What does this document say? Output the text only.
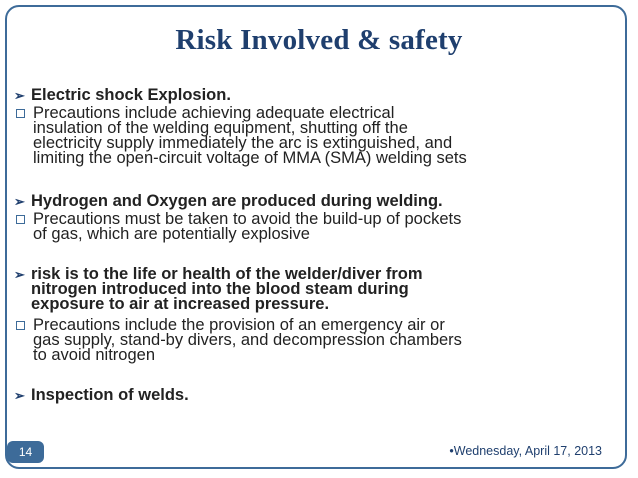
Risk Involved & safety
➢ Electric shock Explosion.
Precautions include achieving adequate electrical
insulation of the welding equipment, shutting off the
electricity supply immediately the arc is extinguished, and
limiting the open-circuit voltage of MMA (SMA) welding sets
➢ Hydrogen and Oxygen are produced during welding.
Precautions must be taken to avoid the build-up of pockets
of gas, which are potentially explosive
➢ risk is to the life or health of the welder/diver from
nitrogen introduced into the blood steam during
exposure to air at increased pressure.
Precautions include the provision of an emergency air or
gas supply, stand-by divers, and decompression chambers
to avoid nitrogen
➢ Inspection of welds.
14	•Wednesday, April 17, 2013
